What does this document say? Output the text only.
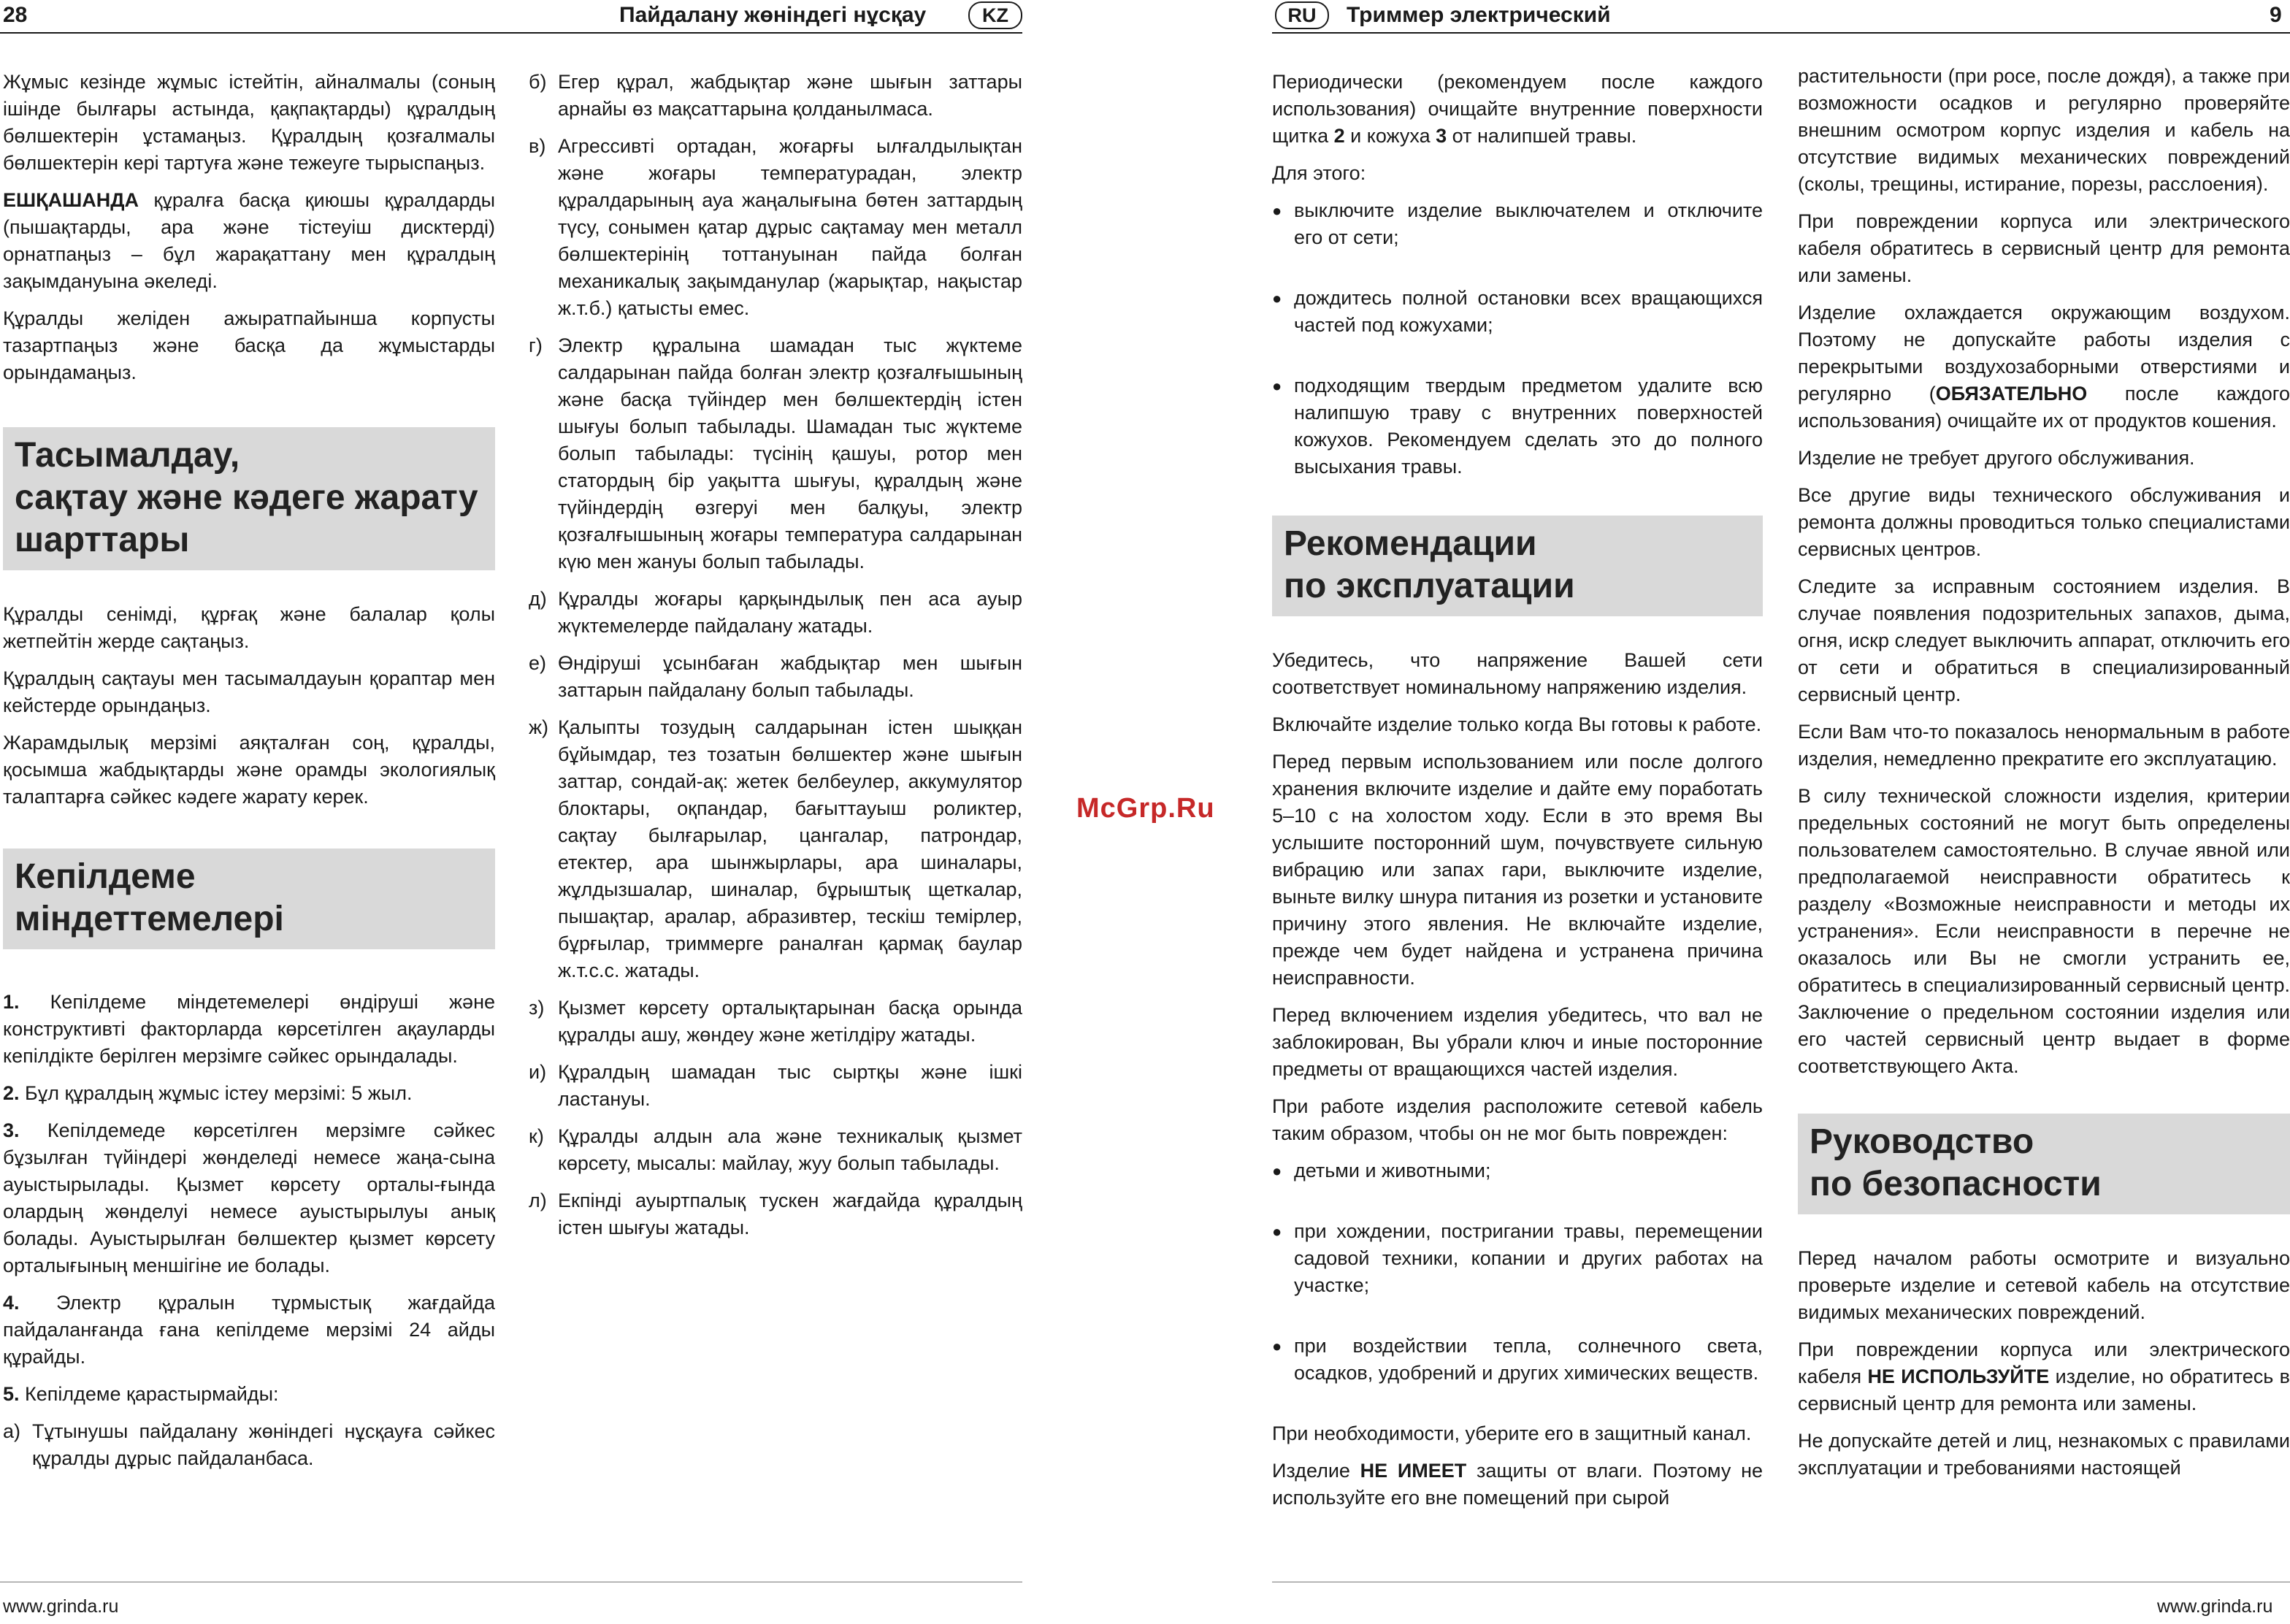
28	Пайдалану жөніндегі нұсқау	KZ

Жұмыс кезінде жұмыс істейтін, айналмалы (соның ішінде былғары астында, қақпақтарды) құралдың бөлшектерін ұстамаңыз. Құралдың қозғалмалы бөлшектерін кері тартуға және тежеуге тырыспаңыз.

ЕШҚАШАНДА құралға басқа қиюшы құралдарды (пышақтарды, ара және тістеуіш дисктерді) орнатпаңыз – бұл жарақаттану мен құралдың зақымдануына әкеледі.

Құралды желіден ажыратпайынша корпусты тазартпаңыз және басқа да жұмыстарды орындамаңыз.

Тасымалдау,
сақтау және кәдеге жарату
шарттары

Құралды сенімді, құрғақ және балалар қолы жетпейтін жерде сақтаңыз.

Құралдың сақтауы мен тасымалдауын қораптар мен кейстерде орындаңыз.

Жарамдылық мерзімі аяқталған соң, құралды, қосымша жабдықтарды және орамды экологиялық талаптарға сәйкес кәдеге жарату керек.

Кепілдеме
міндеттемелері

1. Кепілдеме міндетемелері өндіруші және конструктивті факторларда көрсетілген ақауларды кепілдікте берілген мерзімге сәйкес орындалады.

2. Бұл құралдың жұмыс істеу мерзімі: 5 жыл.

3. Кепілдемеде көрсетілген мерзімге сәйкес бұзылған түйіндері жөнделеді немесе жаңа-сына ауыстырылады. Қызмет көрсету орталы-ғында олардың жөнделуі немесе ауыстырылуы анық болады. Ауыстырылған бөлшектер қызмет көрсету орталығының меншігіне ие болады.

4. Электр құралын тұрмыстық жағдайда пайдаланғанда ғана кепілдеме мерзімі 24 айды құрайды.

5. Кепілдеме қарастырмайды:

а) Тұтынушы пайдалану жөніндегі нұсқауға сәйкес құралды дұрыс пайдаланбаса.
б) Егер құрал, жабдықтар және шығын заттары арнайы өз мақсаттарына қолданылмаса.
в) Агрессивті ортадан, жоғарғы ылғалдылықтан және жоғары температурадан, электр құралдарының ауа жаңалығына бөтен заттардың түсу, сонымен қатар дұрыс сақтамау мен металл бөлшектерінің тоттануынан пайда болған механикалық зақымданулар (жарықтар, нақыстар ж.т.б.) қатысты емес.
г) Электр құралына шамадан тыс жүктеме салдарынан пайда болған электр қозғалғышының және басқа түйіндер мен бөлшектердің істен шығуы болып табылады. Шамадан тыс жүктеме болып табылады: түсінің қашуы, ротор мен статордың бір уақытта шығуы, құралдың және түйіндердің өзгеруі мен балқуы, электр қозғалғышының жоғары температура салдарынан күю мен жануы болып табылады.
д) Құралды жоғары қарқындылық пен аса ауыр жүктемелерде пайдалану жатады.
е) Өндіруші ұсынбаған жабдықтар мен шығын заттарын пайдалану болып табылады.
ж) Қалыпты тозудың салдарынан істен шыққан бұйымдар, тез тозатын бөлшектер және шығын заттар, сондай-ақ: жетек белбеулер, аккумулятор блоктары, оқпандар, бағыттауыш роликтер, сақтау былғарылар, цангалар, патрондар, етектер, ара шынжырлары, ара шиналары, жұлдызшалар, шиналар, бұрыштық щеткалар, пышақтар, аралар, абразивтер, тескіш темірлер, бұрғылар, триммерге раналған қармақ баулар ж.т.с.с. жатады.
з) Қызмет көрсету орталықтарынан басқа орында құралды ашу, жөндеу және жетілдіру жатады.
и) Құралдың шамадан тыс сыртқы және ішкі ластануы.
к) Құралды алдын ала және техникалық қызмет көрсету, мысалы: майлау, жуу болып табылады.
л) Екпінді ауыртпалық тускен жағдайда құралдың істен шығуы жатады.
www.grinda.ru
McGrp.Ru
RU	Триммер электрический	9

Периодически (рекомендуем после каждого использования) очищайте внутренние поверхности щитка 2 и кожуха 3 от налипшей травы.

Для этого:

● выключите изделие выключателем и отключите его от сети;
● дождитесь полной остановки всех вращающихся частей под кожухами;
● подходящим твердым предметом удалите всю налипшую траву с внутренних поверхностей кожухов. Рекомендуем сделать это до полного высыхания травы.
Рекомендации
по эксплуатации

Убедитесь, что напряжение Вашей сети соответствует номинальному напряжению изделия.

Включайте изделие только когда Вы готовы к работе.

Перед первым использованием или после долгого хранения включите изделие и дайте ему поработать 5–10 с на холостом ходу. Если в это время Вы услышите посторонний шум, почувствуете сильную вибрацию или запах гари, выключите изделие, выньте вилку шнура питания из розетки и установите причину этого явления. Не включайте изделие, прежде чем будет найдена и устранена причина неисправности.

Перед включением изделия убедитесь, что вал не заблокирован, Вы убрали ключ и иные посторонние предметы от вращающихся частей изделия.

При работе изделия расположите сетевой кабель таким образом, чтобы он не мог быть поврежден:

● детьми и животными;
● при хождении, постригании травы, перемещении садовой техники, копании и других работах на участке;
● при воздействии тепла, солнечного света, осадков, удобрений и других химических веществ.

При необходимости, уберите его в защитный канал.

Изделие НЕ ИМЕЕТ защиты от влаги. Поэтому не используйте его вне помещений при сырой

растительности (при росе, после дождя), а также при возможности осадков и регулярно проверяйте внешним осмотром корпус изделия и кабель на отсутствие видимых механических повреждений (сколы, трещины, истирание, порезы, расслоения).

При повреждении корпуса или электрического кабеля обратитесь в сервисный центр для ремонта или замены.

Изделие охлаждается окружающим воздухом. Поэтому не допускайте работы изделия с перекрытыми воздухозаборными отверстиями и регулярно (ОБЯЗАТЕЛЬНО после каждого использования) очищайте их от продуктов кошения.

Изделие не требует другого обслуживания.

Все другие виды технического обслуживания и ремонта должны проводиться только специалистами сервисных центров.

Следите за исправным состоянием изделия. В случае появления подозрительных запахов, дыма, огня, искр следует выключить аппарат, отключить его от сети и обратиться в специализированный сервисный центр.

Если Вам что-то показалось ненормальным в работе изделия, немедленно прекратите его эксплуатацию.

В силу технической сложности изделия, критерии предельных состояний не могут быть определены пользователем самостоятельно. В случае явной или предполагаемой неисправности обратитесь к разделу «Возможные неисправности и методы их устранения». Если неисправности в перечне не оказалось или Вы не смогли устранить ее, обратитесь в специализированный сервисный центр. Заключение о предельном состоянии изделия или его частей сервисный центр выдает в форме соответствующего Акта.

Руководство
по безопасности

Перед началом работы осмотрите и визуально проверьте изделие и сетевой кабель на отсутствие видимых механических повреждений.

При повреждении корпуса или электрического кабеля НЕ ИСПОЛЬЗУЙТЕ изделие, но обратитесь в сервисный центр для ремонта или замены.

Не допускайте детей и лиц, незнакомых с правилами эксплуатации и требованиями настоящей

www.grinda.ru
